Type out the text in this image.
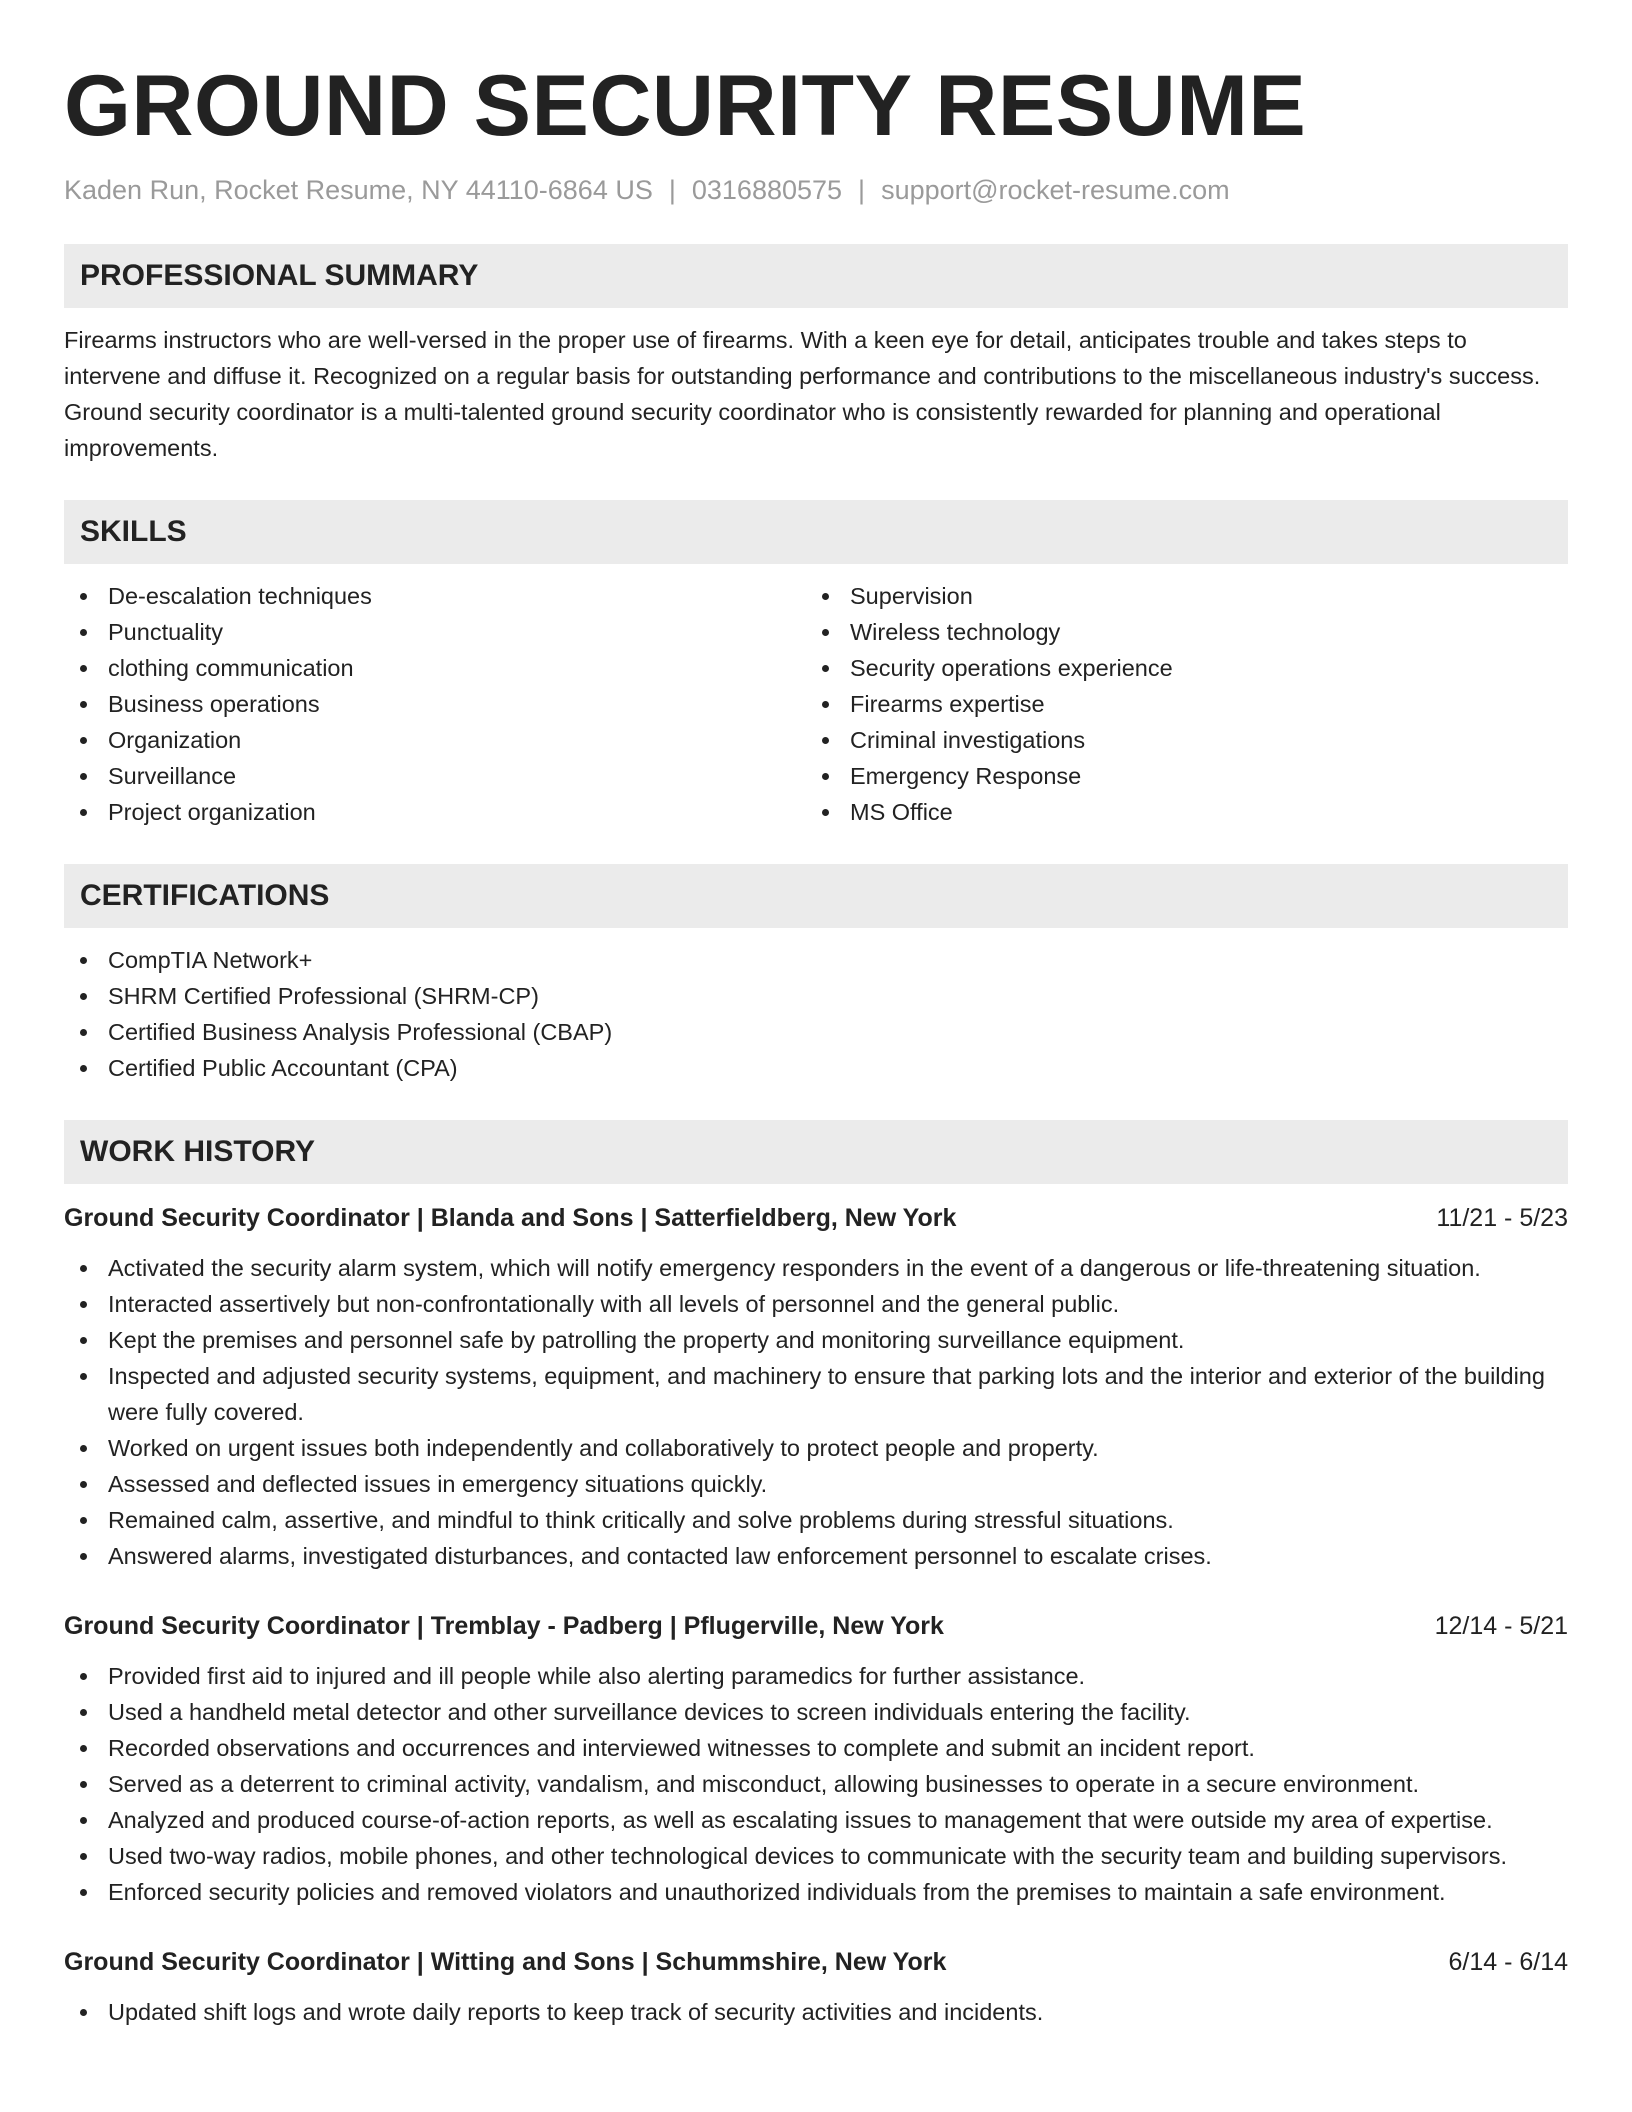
GROUND SECURITY RESUME
Kaden Run, Rocket Resume, NY 44110-6864 US | 0316880575 | support@rocket-resume.com
PROFESSIONAL SUMMARY
Firearms instructors who are well-versed in the proper use of firearms. With a keen eye for detail, anticipates trouble and takes steps to intervene and diffuse it. Recognized on a regular basis for outstanding performance and contributions to the miscellaneous industry's success. Ground security coordinator is a multi-talented ground security coordinator who is consistently rewarded for planning and operational improvements.
SKILLS
De-escalation techniques
Punctuality
clothing communication
Business operations
Organization
Surveillance
Project organization
Supervision
Wireless technology
Security operations experience
Firearms expertise
Criminal investigations
Emergency Response
MS Office
CERTIFICATIONS
CompTIA Network+
SHRM Certified Professional (SHRM-CP)
Certified Business Analysis Professional (CBAP)
Certified Public Accountant (CPA)
WORK HISTORY
Ground Security Coordinator | Blanda and Sons | Satterfieldberg, New York	11/21 - 5/23
Activated the security alarm system, which will notify emergency responders in the event of a dangerous or life-threatening situation.
Interacted assertively but non-confrontationally with all levels of personnel and the general public.
Kept the premises and personnel safe by patrolling the property and monitoring surveillance equipment.
Inspected and adjusted security systems, equipment, and machinery to ensure that parking lots and the interior and exterior of the building were fully covered.
Worked on urgent issues both independently and collaboratively to protect people and property.
Assessed and deflected issues in emergency situations quickly.
Remained calm, assertive, and mindful to think critically and solve problems during stressful situations.
Answered alarms, investigated disturbances, and contacted law enforcement personnel to escalate crises.
Ground Security Coordinator | Tremblay - Padberg | Pflugerville, New York	12/14 - 5/21
Provided first aid to injured and ill people while also alerting paramedics for further assistance.
Used a handheld metal detector and other surveillance devices to screen individuals entering the facility.
Recorded observations and occurrences and interviewed witnesses to complete and submit an incident report.
Served as a deterrent to criminal activity, vandalism, and misconduct, allowing businesses to operate in a secure environment.
Analyzed and produced course-of-action reports, as well as escalating issues to management that were outside my area of expertise.
Used two-way radios, mobile phones, and other technological devices to communicate with the security team and building supervisors.
Enforced security policies and removed violators and unauthorized individuals from the premises to maintain a safe environment.
Ground Security Coordinator | Witting and Sons | Schummshire, New York	6/14 - 6/14
Updated shift logs and wrote daily reports to keep track of security activities and incidents.
